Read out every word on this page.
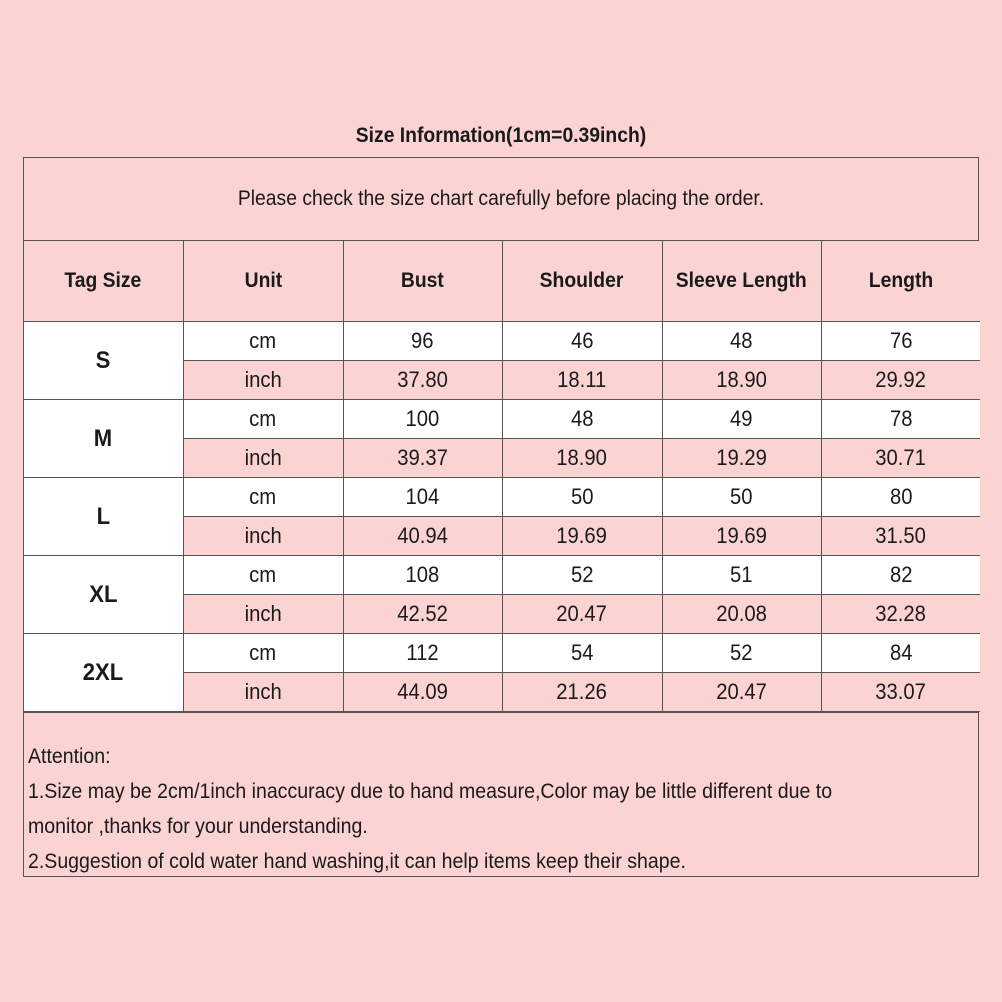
Size Information(1cm=0.39inch)
Please check the size chart carefully before placing the order.
Tag Size	Unit	Bust	Shoulder	Sleeve Length	Length
S	cm	96	46	48	76
	inch	37.80	18.11	18.90	29.92
M	cm	100	48	49	78
	inch	39.37	18.90	19.29	30.71
L	cm	104	50	50	80
	inch	40.94	19.69	19.69	31.50
XL	cm	108	52	51	82
	inch	42.52	20.47	20.08	32.28
2XL	cm	112	54	52	84
	inch	44.09	21.26	20.47	33.07
Attention:
1.Size may be 2cm/1inch inaccuracy due to hand measure,Color may be little different due to
monitor ,thanks for your understanding.
2.Suggestion of cold water hand washing,it can help items keep their shape.
